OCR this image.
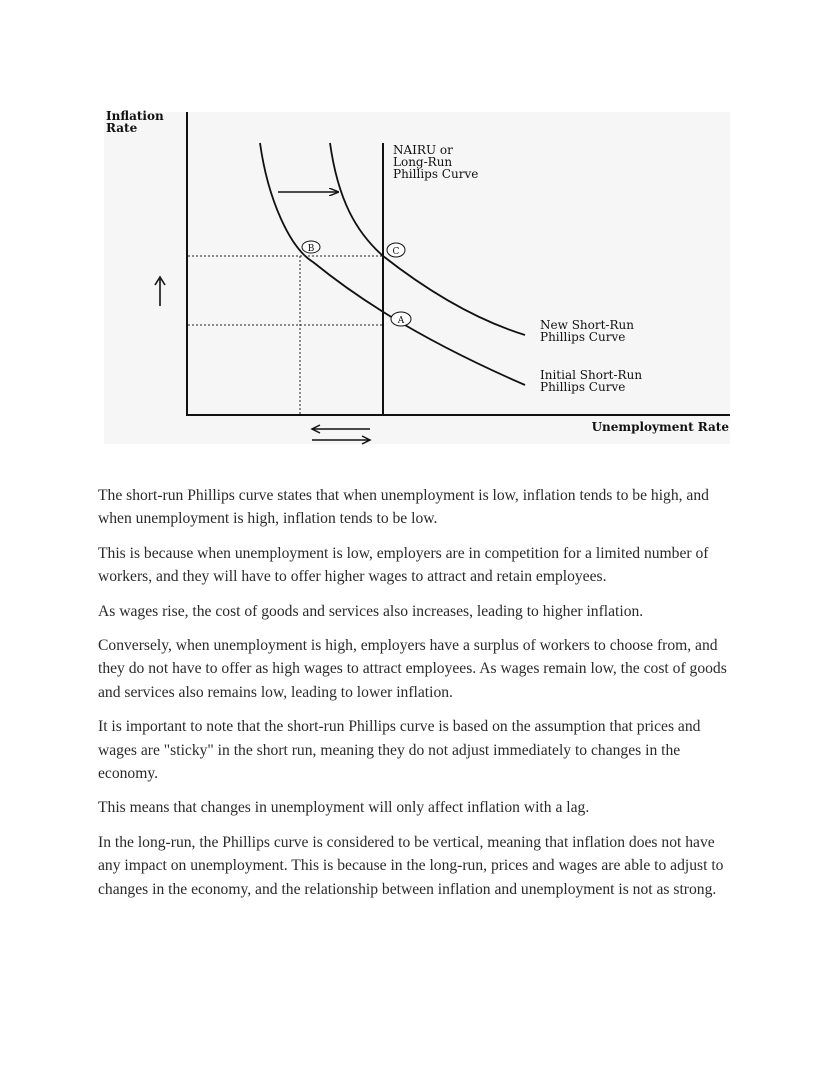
Inflation
Rate
NAIRU or
Long-Run
Phillips Curve
B	C
A	New Short-Run
Phillips Curve
Initial Short-Run
Phillips Curve
Unemployment Rate

The short-run Phillips curve states that when unemployment is low, inflation tends to be high, and when unemployment is high, inflation tends to be low.

This is because when unemployment is low, employers are in competition for a limited number of workers, and they will have to offer higher wages to attract and retain employees.

As wages rise, the cost of goods and services also increases, leading to higher inflation.

Conversely, when unemployment is high, employers have a surplus of workers to choose from, and they do not have to offer as high wages to attract employees. As wages remain low, the cost of goods and services also remains low, leading to lower inflation.

It is important to note that the short-run Phillips curve is based on the assumption that prices and wages are "sticky" in the short run, meaning they do not adjust immediately to changes in the economy.

This means that changes in unemployment will only affect inflation with a lag.

In the long-run, the Phillips curve is considered to be vertical, meaning that inflation does not have any impact on unemployment. This is because in the long-run, prices and wages are able to adjust to changes in the economy, and the relationship between inflation and unemployment is not as strong.
